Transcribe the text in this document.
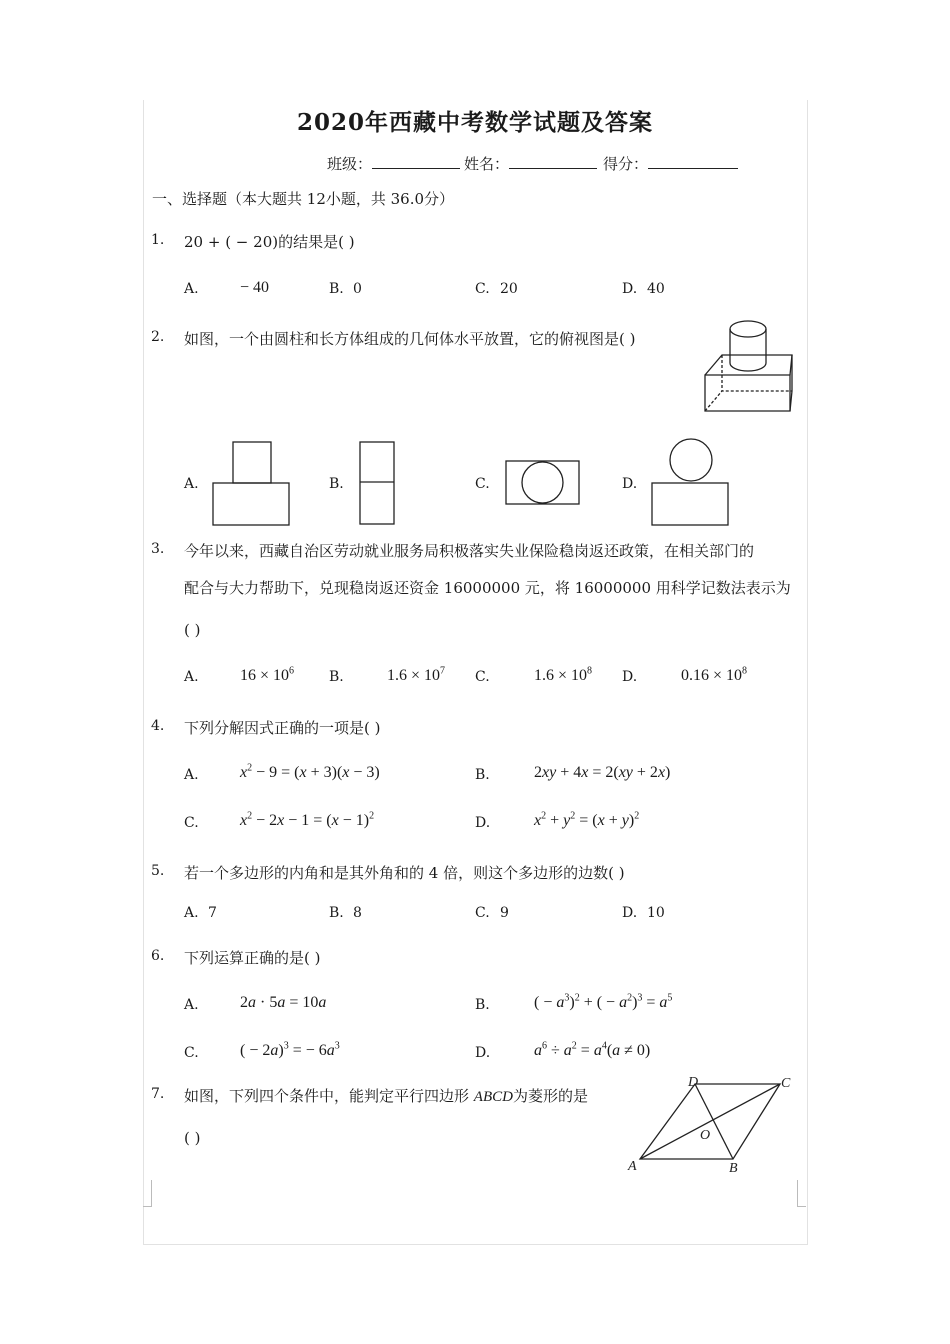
2020年西藏中考数学试题及答案
班级：	姓名：	得分：
一、选择题（本大题共 12小题，共 36.0分）
1. 20 + ( − 20)的结果是( )
A.	− 40	B. 0	C. 20	D. 40
2. 如图，一个由圆柱和长方体组成的几何体水平放置，它的俯视图是( )
A.	B.	C.	D.
3. 今年以来，西藏自治区劳动就业服务局积极落实失业保险稳岗返还政策，在相关部门的
配合与大力帮助下，兑现稳岗返还资金 16000000 元，将 16000000 用科学记数法表示为
( )
A.	$16 \times 10^6$ B.	$1.6 \times 10^7$ C.	$1.6 \times 10^8$ D.	$0.16 \times 10^8$
4. 下列分解因式正确的一项是( )
A.	$x^2 - 9 = (x + 3)(x - 3)$	B.	2xy + 4x = 2(xy + 2x)
C.	$x^2 - 2x - 1 = (x - 1)^2$	D.	$x^2 + y^2 = (x + y)^2$
5. 若一个多边形的内角和是其外角和的 4 倍，则这个多边形的边数( )
A. 7	B. 8	C. 9	D. 10
6. 下列运算正确的是( )
A.	2a · 5a = 10a	B.	( − $a^3)^2$ + ( − $a^2)^3 = a^5$
C.	( − 2a)$^3$ = − $6a^3$	D.	$a^6 \div a^2 = a^4(a \ne 0)$
7. 如图，下列四个条件中，能判定平行四边形 ABCD为菱形的是
( )
A	B
C
D
O
